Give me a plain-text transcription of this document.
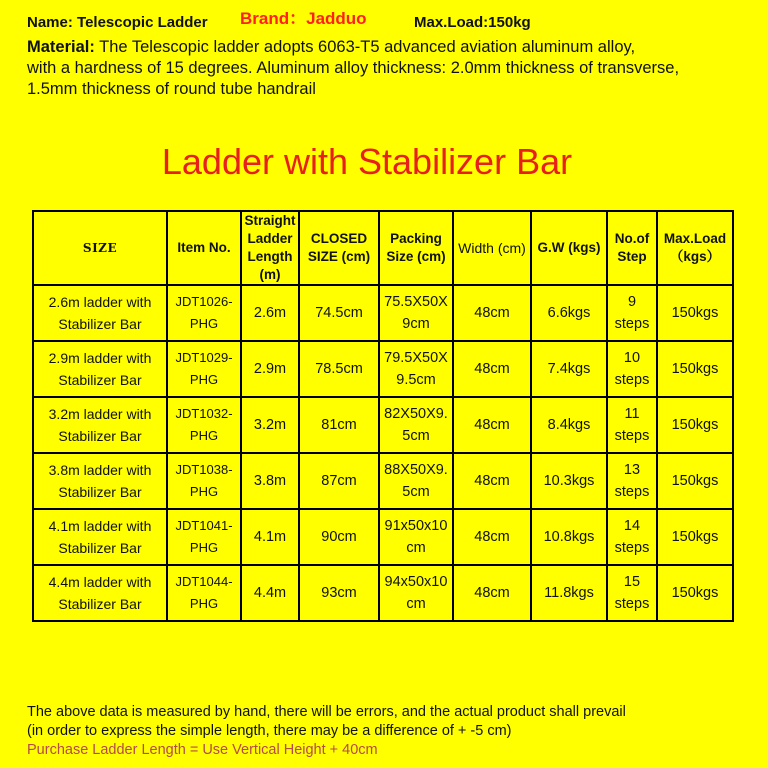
Name: Telescopic Ladder Brand：Jadduo	Max.Load:150kg
Material: The Telescopic ladder adopts 6063-T5 advanced aviation aluminum alloy,
with a hardness of 15 degrees. Aluminum alloy thickness: 2.0mm thickness of transverse,
1.5mm thickness of round tube handrail
Ladder with Stabilizer Bar
SIZE	Item No.	Straight Ladder Length (m)	CLOSED SIZE (cm)	Packing Size (cm)	Width (cm)	G.W (kgs)	No.of Step	Max.Load （kgs）
2.6m ladder with Stabilizer Bar	JDT1026-PHG	2.6m	74.5cm	75.5X50X 9cm	48cm	6.6kgs	9 steps	150kgs
2.9m ladder with Stabilizer Bar	JDT1029-PHG	2.9m	78.5cm	79.5X50X 9.5cm	48cm	7.4kgs	10 steps	150kgs
3.2m ladder with Stabilizer Bar	JDT1032-PHG	3.2m	81cm	82X50X9. 5cm	48cm	8.4kgs	11 steps	150kgs
3.8m ladder with Stabilizer Bar	JDT1038-PHG	3.8m	87cm	88X50X9. 5cm	48cm	10.3kgs	13 steps	150kgs
4.1m ladder with Stabilizer Bar	JDT1041-PHG	4.1m	90cm	91x50x10 cm	48cm	10.8kgs	14 steps	150kgs
4.4m ladder with Stabilizer Bar	JDT1044-PHG	4.4m	93cm	94x50x10 cm	48cm	11.8kgs	15 steps	150kgs
The above data is measured by hand, there will be errors, and the actual product shall prevail
(in order to express the simple length, there may be a difference of + -5 cm)
Purchase Ladder Length = Use Vertical Height + 40cm
